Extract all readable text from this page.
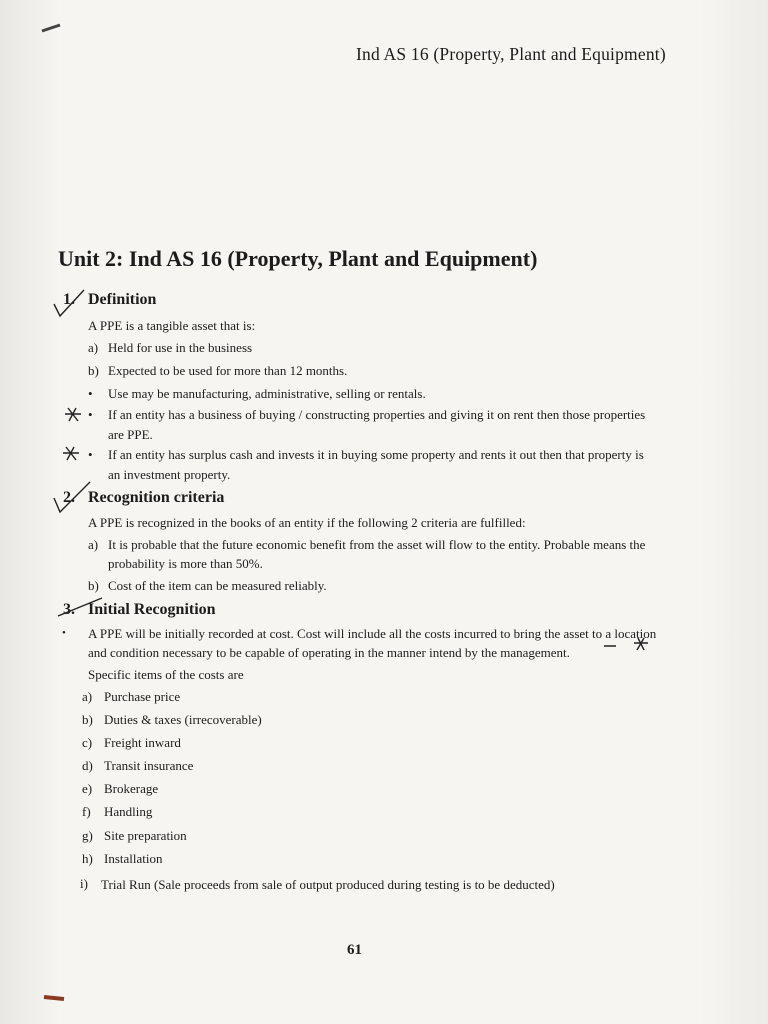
Ind AS 16 (Property, Plant and Equipment)
Unit 2: Ind AS 16 (Property, Plant and Equipment)
1. Definition
A PPE is a tangible asset that is:
a) Held for use in the business
b) Expected to be used for more than 12 months.
• Use may be manufacturing, administrative, selling or rentals.
• If an entity has a business of buying / constructing properties and giving it on rent then those properties
are PPE.
• If an entity has surplus cash and invests it in buying some property and rents it out then that property is
an investment property.
2. Recognition criteria
A PPE is recognized in the books of an entity if the following 2 criteria are fulfilled:
a) It is probable that the future economic benefit from the asset will flow to the entity. Probable means the
probability is more than 50%.
b) Cost of the item can be measured reliably.
3. Initial Recognition
• A PPE will be initially recorded at cost. Cost will include all the costs incurred to bring the asset to a location
and condition necessary to be capable of operating in the manner intend by the management.
Specific items of the costs are
a) Purchase price
b) Duties & taxes (irrecoverable)
c) Freight inward
d) Transit insurance
e) Brokerage
f) Handling
g) Site preparation
h) Installation
i) Trial Run (Sale proceeds from sale of output produced during testing is to be deducted)
61
